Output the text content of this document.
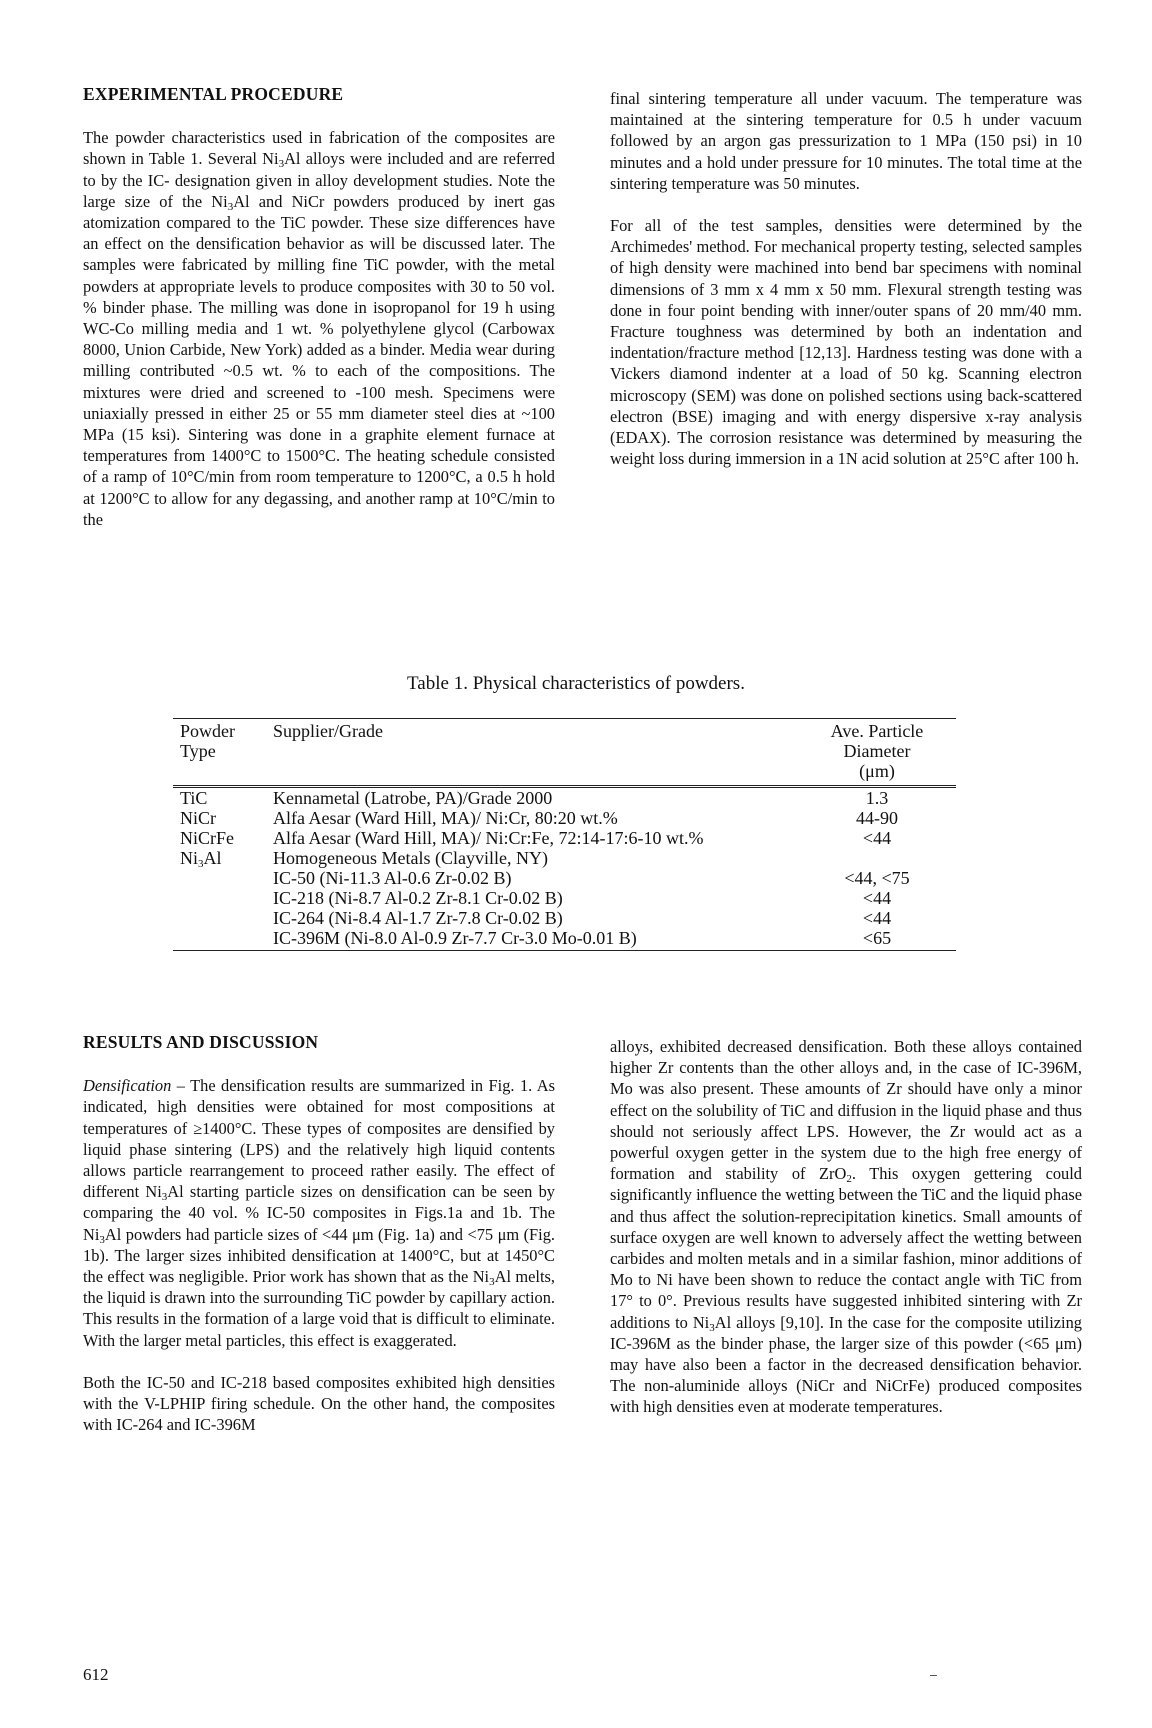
EXPERIMENTAL PROCEDURE

The powder characteristics used in fabrication of the composites are shown in Table 1. Several $Ni_3Al$ alloys were included and are referred to by the IC- designation given in alloy development studies. Note the large size of the $Ni_3Al$ and NiCr powders produced by inert gas atomization compared to the TiC powder. These size differences have an effect on the densification behavior as will be discussed later. The samples were fabricated by milling fine TiC powder, with the metal powders at appropriate levels to produce composites with 30 to 50 vol. % binder phase. The milling was done in isopropanol for 19 h using WC-Co milling media and 1 wt. % polyethylene glycol (Carbowax 8000, Union Carbide, New York) added as a binder. Media wear during milling contributed ~0.5 wt. % to each of the compositions. The mixtures were dried and screened to -100 mesh. Specimens were uniaxially pressed in either 25 or 55 mm diameter steel dies at ~100 MPa (15 ksi). Sintering was done in a graphite element furnace at temperatures from 1400°C to 1500°C. The heating schedule consisted of a ramp of 10°C/min from room temperature to 1200°C, a 0.5 h hold at 1200°C to allow for any degassing, and another ramp at 10°C/min to the

final sintering temperature all under vacuum. The temperature was maintained at the sintering temperature for 0.5 h under vacuum followed by an argon gas pressurization to 1 MPa (150 psi) in 10 minutes and a hold under pressure for 10 minutes. The total time at the sintering temperature was 50 minutes.

For all of the test samples, densities were determined by the Archimedes' method. For mechanical property testing, selected samples of high density were machined into bend bar specimens with nominal dimensions of 3 mm x 4 mm x 50 mm. Flexural strength testing was done in four point bending with inner/outer spans of 20 mm/40 mm. Fracture toughness was determined by both an indentation and indentation/fracture method [12,13]. Hardness testing was done with a Vickers diamond indenter at a load of 50 kg. Scanning electron microscopy (SEM) was done on polished sections using back-scattered electron (BSE) imaging and with energy dispersive x-ray analysis (EDAX). The corrosion resistance was determined by measuring the weight loss during immersion in a 1N acid solution at 25°C after 100 h.

Table 1. Physical characteristics of powders.
Powder
Type	Supplier/Grade	Ave. Particle
Diameter
(μm)
TiC	Kennametal (Latrobe, PA)/Grade 2000	1.3
NiCr	Alfa Aesar (Ward Hill, MA)/ Ni:Cr, 80:20 wt.%	44-90
NiCrFe	Alfa Aesar (Ward Hill, MA)/ Ni:Cr:Fe, 72:14-17:6-10 wt.%	<44
$Ni_3Al$	Homogeneous Metals (Clayville, NY)	
	IC-50 (Ni-11.3 Al-0.6 Zr-0.02 B)	<44, <75
	IC-218 (Ni-8.7 Al-0.2 Zr-8.1 Cr-0.02 B)	<44
	IC-264 (Ni-8.4 Al-1.7 Zr-7.8 Cr-0.02 B)	<44
	IC-396M (Ni-8.0 Al-0.9 Zr-7.7 Cr-3.0 Mo-0.01 B)	<65
RESULTS AND DISCUSSION

Densification – The densification results are summarized in Fig. 1. As indicated, high densities were obtained for most compositions at temperatures of ≥1400°C. These types of composites are densified by liquid phase sintering (LPS) and the relatively high liquid contents allows particle rearrangement to proceed rather easily. The effect of different $Ni_3Al$ starting particle sizes on densification can be seen by comparing the 40 vol. % IC-50 composites in Figs.1a and 1b. The $Ni_3Al$ powders had particle sizes of <44 μm (Fig. 1a) and <75 μm (Fig. 1b). The larger sizes inhibited densification at 1400°C, but at 1450°C the effect was negligible. Prior work has shown that as the $Ni_3Al$ melts, the liquid is drawn into the surrounding TiC powder by capillary action. This results in the formation of a large void that is difficult to eliminate. With the larger metal particles, this effect is exaggerated.

Both the IC-50 and IC-218 based composites exhibited high densities with the V-LPHIP firing schedule. On the other hand, the composites with IC-264 and IC-396M

alloys, exhibited decreased densification. Both these alloys contained higher Zr contents than the other alloys and, in the case of IC-396M, Mo was also present. These amounts of Zr should have only a minor effect on the solubility of TiC and diffusion in the liquid phase and thus should not seriously affect LPS. However, the Zr would act as a powerful oxygen getter in the system due to the high free energy of formation and stability of ZrO$_2$. This oxygen gettering could significantly influence the wetting between the TiC and the liquid phase and thus affect the solution-reprecipitation kinetics. Small amounts of surface oxygen are well known to adversely affect the wetting between carbides and molten metals and in a similar fashion, minor additions of Mo to Ni have been shown to reduce the contact angle with TiC from 17° to 0°. Previous results have suggested inhibited sintering with Zr additions to $Ni_3Al$ alloys [9,10]. In the case for the composite utilizing IC-396M as the binder phase, the larger size of this powder (<65 μm) may have also been a factor in the decreased densification behavior. The non-aluminide alloys (NiCr and NiCrFe) produced composites with high densities even at moderate temperatures.

612
